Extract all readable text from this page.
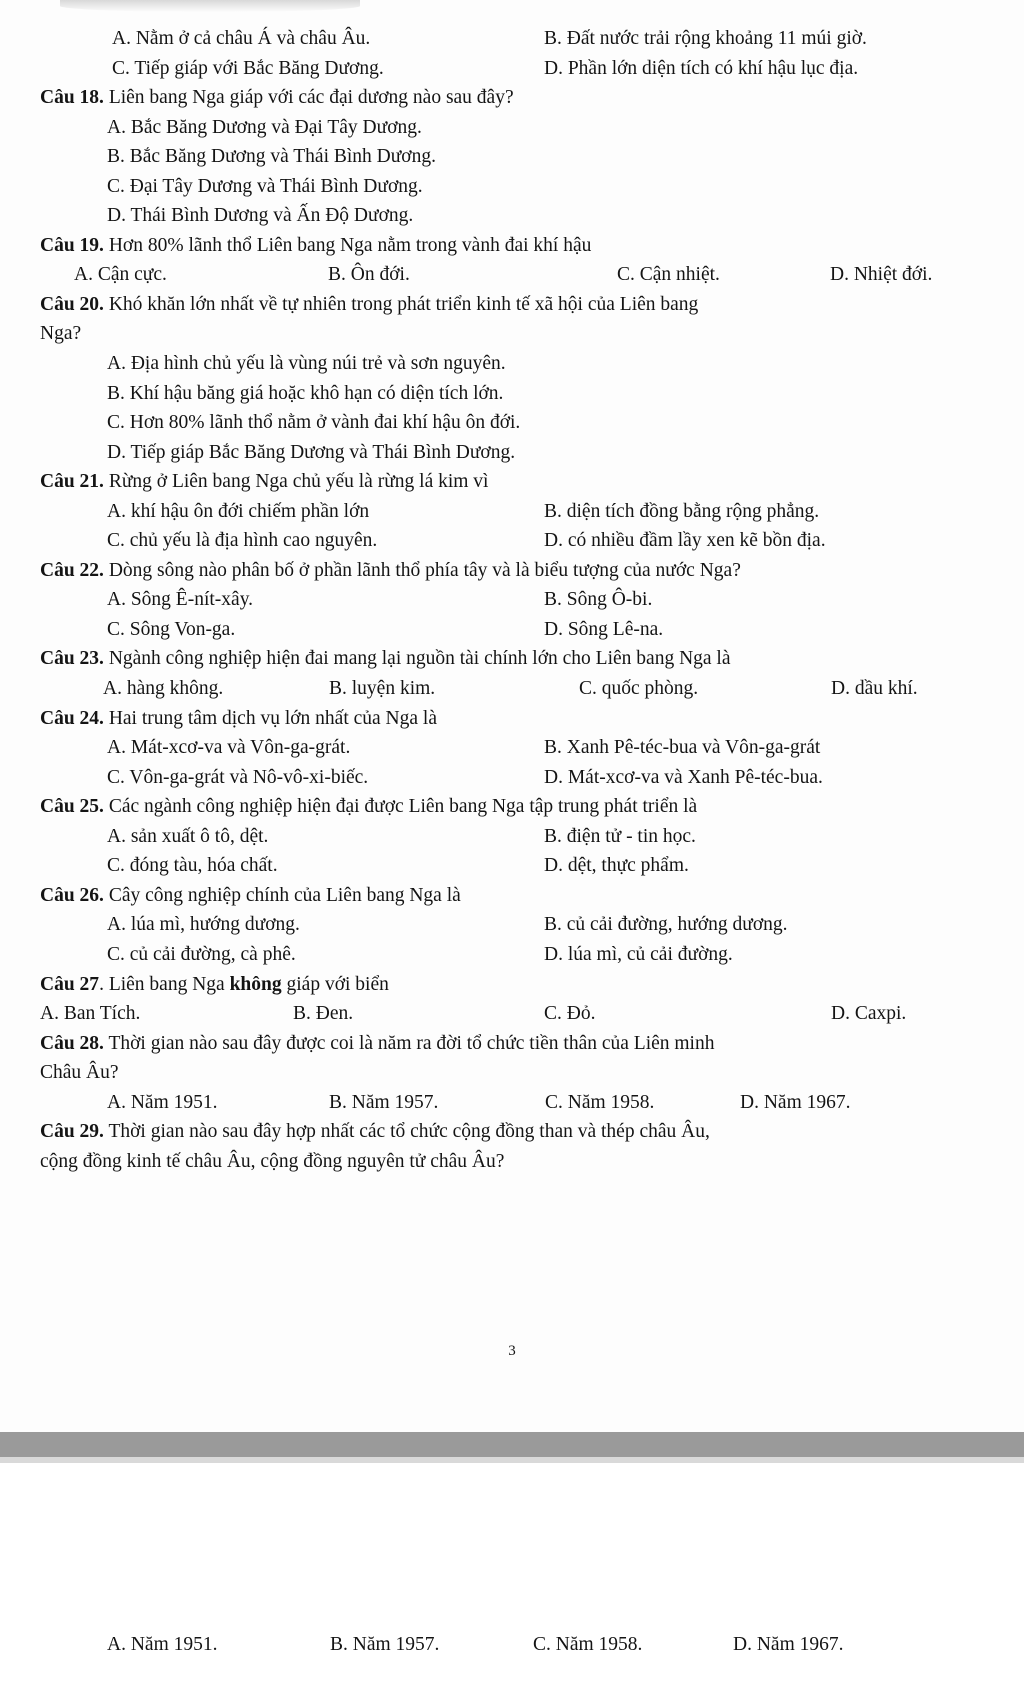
A. Nằm ở cả châu Á và châu Âu.	B. Đất nước trải rộng khoảng 11 múi giờ.
C. Tiếp giáp với Bắc Băng Dương.	D. Phần lớn diện tích có khí hậu lục địa.
Câu 18. Liên bang Nga giáp với các đại dương nào sau đây?
A. Bắc Băng Dương và Đại Tây Dương.
B. Bắc Băng Dương và Thái Bình Dương.
C. Đại Tây Dương và Thái Bình Dương.
D. Thái Bình Dương và Ấn Độ Dương.
Câu 19. Hơn 80% lãnh thổ Liên bang Nga nằm trong vành đai khí hậu
A. Cận cực.	B. Ôn đới.	C. Cận nhiệt.	D. Nhiệt đới.
Câu 20. Khó khăn lớn nhất về tự nhiên trong phát triển kinh tế xã hội của Liên bang
Nga?
A. Địa hình chủ yếu là vùng núi trẻ và sơn nguyên.
B. Khí hậu băng giá hoặc khô hạn có diện tích lớn.
C. Hơn 80% lãnh thổ nằm ở vành đai khí hậu ôn đới.
D. Tiếp giáp Bắc Băng Dương và Thái Bình Dương.
Câu 21. Rừng ở Liên bang Nga chủ yếu là rừng lá kim vì
A. khí hậu ôn đới chiếm phần lớn	B. diện tích đồng bằng rộng phẳng.
C. chủ yếu là địa hình cao nguyên.	D. có nhiều đầm lầy xen kẽ bồn địa.
Câu 22. Dòng sông nào phân bố ở phần lãnh thổ phía tây và là biểu tượng của nước Nga?
A. Sông Ê-nít-xây.	B. Sông Ô-bi.
C. Sông Von-ga.	D. Sông Lê-na.
Câu 23. Ngành công nghiệp hiện đai mang lại nguồn tài chính lớn cho Liên bang Nga là
A. hàng không.	B. luyện kim.	C. quốc phòng.	D. dầu khí.
Câu 24. Hai trung tâm dịch vụ lớn nhất của Nga là
A. Mát-xcơ-va và Vôn-ga-grát.	B. Xanh Pê-téc-bua và Vôn-ga-grát
C. Vôn-ga-grát và Nô-vô-xi-biếc.	D. Mát-xcơ-va và Xanh Pê-téc-bua.
Câu 25. Các ngành công nghiệp hiện đại được Liên bang Nga tập trung phát triển là
A. sản xuất ô tô, dệt.	B. điện tử - tin học.
C. đóng tàu, hóa chất.	D. dệt, thực phẩm.
Câu 26. Cây công nghiệp chính của Liên bang Nga là
A. lúa mì, hướng dương.	B. củ cải đường, hướng dương.
C. củ cải đường, cà phê.	D. lúa mì, củ cải đường.
Câu 27. Liên bang Nga không giáp với biển
A. Ban Tích.	B. Đen.	C. Đỏ.	D. Caxpi.
Câu 28. Thời gian nào sau đây được coi là năm ra đời tổ chức tiền thân của Liên minh
Châu Âu?
A. Năm 1951.	B. Năm 1957.	C. Năm 1958.	D. Năm 1967.
Câu 29. Thời gian nào sau đây hợp nhất các tổ chức cộng đồng than và thép châu Âu,
cộng đồng kinh tế châu Âu, cộng đồng nguyên tử châu Âu?
3
A. Năm 1951.	B. Năm 1957.	C. Năm 1958.	D. Năm 1967.
